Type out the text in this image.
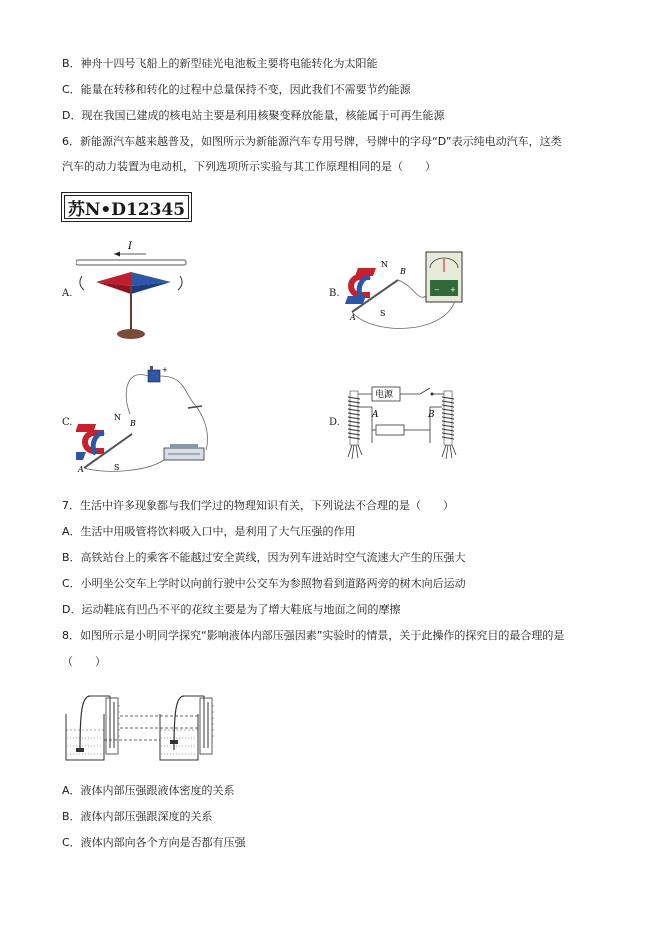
B．神舟十四号飞船上的新型硅光电池板主要将电能转化为太阳能
C．能量在转移和转化的过程中总量保持不变，因此我们不需要节约能源
D．现在我国已建成的核电站主要是利用核聚变释放能量，核能属于可再生能源
6．新能源汽车越来越普及，如图所示为新能源汽车专用号牌，号牌中的字母“D”表示纯电动汽车，这类
汽车的动力装置为电动机，下列选项所示实验与其工作原理相同的是（　　）
苏N•D12345
A.
I
B.
N
S
A
B
− +
C.
+
N
S
A
B	D.
电源
A	B
7．生活中许多现象都与我们学过的物理知识有关，下列说法不合理的是（　　）
A．生活中用吸管将饮料吸入口中，是利用了大气压强的作用
B．高铁站台上的乘客不能越过安全黄线，因为列车进站时空气流速大产生的压强大
C．小明坐公交车上学时以向前行驶中公交车为参照物看到道路两旁的树木向后运动
D．运动鞋底有凹凸不平的花纹主要是为了增大鞋底与地面之间的摩擦
8．如图所示是小明同学探究“影响液体内部压强因素”实验时的情景，关于此操作的探究目的最合理的是
（　　）
A．液体内部压强跟液体密度的关系
B．液体内部压强跟深度的关系
C．液体内部向各个方向是否都有压强
